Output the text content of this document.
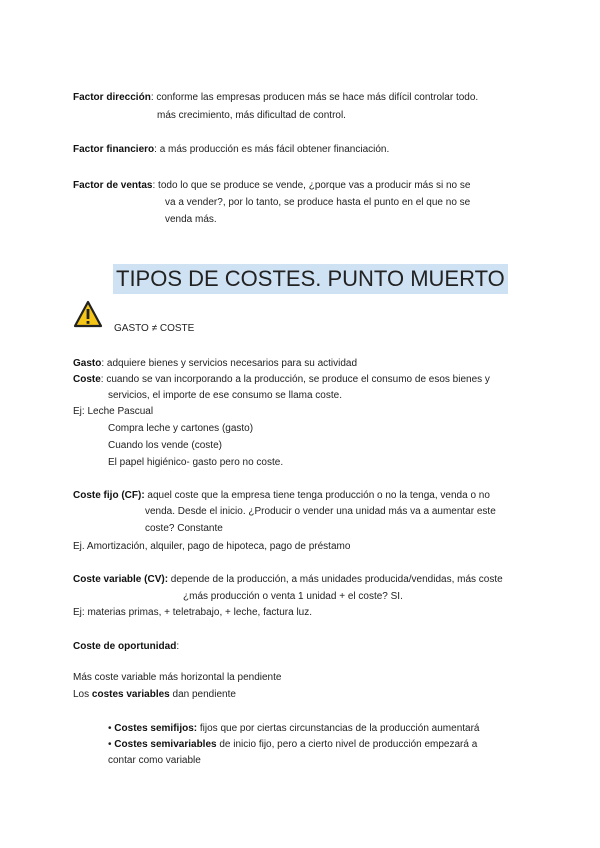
Factor dirección: conforme las empresas producen más se hace más difícil controlar todo.
más crecimiento, más dificultad de control.
Factor financiero: a más producción es más fácil obtener financiación.
Factor de ventas: todo lo que se produce se vende, ¿porque vas a producir más si no se
va a vender?, por lo tanto, se produce hasta el punto en el que no se
venda más.
TIPOS DE COSTES. PUNTO MUERTO
GASTO ≠ COSTE
Gasto: adquiere bienes y servicios necesarios para su actividad
Coste: cuando se van incorporando a la producción, se produce el consumo de esos bienes y
servicios, el importe de ese consumo se llama coste.
Ej: Leche Pascual
Compra leche y cartones (gasto)
Cuando los vende (coste)
El papel higiénico- gasto pero no coste.
Coste fijo (CF): aquel coste que la empresa tiene tenga producción o no la tenga, venda o no
venda. Desde el inicio. ¿Producir o vender una unidad más va a aumentar este
coste? Constante
Ej. Amortización, alquiler, pago de hipoteca, pago de préstamo
Coste variable (CV): depende de la producción, a más unidades producida/vendidas, más coste
¿más producción o venta 1 unidad + el coste? SI.
Ej: materias primas, + teletrabajo, + leche, factura luz.
Coste de oportunidad:
Más coste variable más horizontal la pendiente
Los costes variables dan pendiente
• Costes semifijos: fijos que por ciertas circunstancias de la producción aumentará
• Costes semivariables de inicio fijo, pero a cierto nivel de producción empezará a
contar como variable
